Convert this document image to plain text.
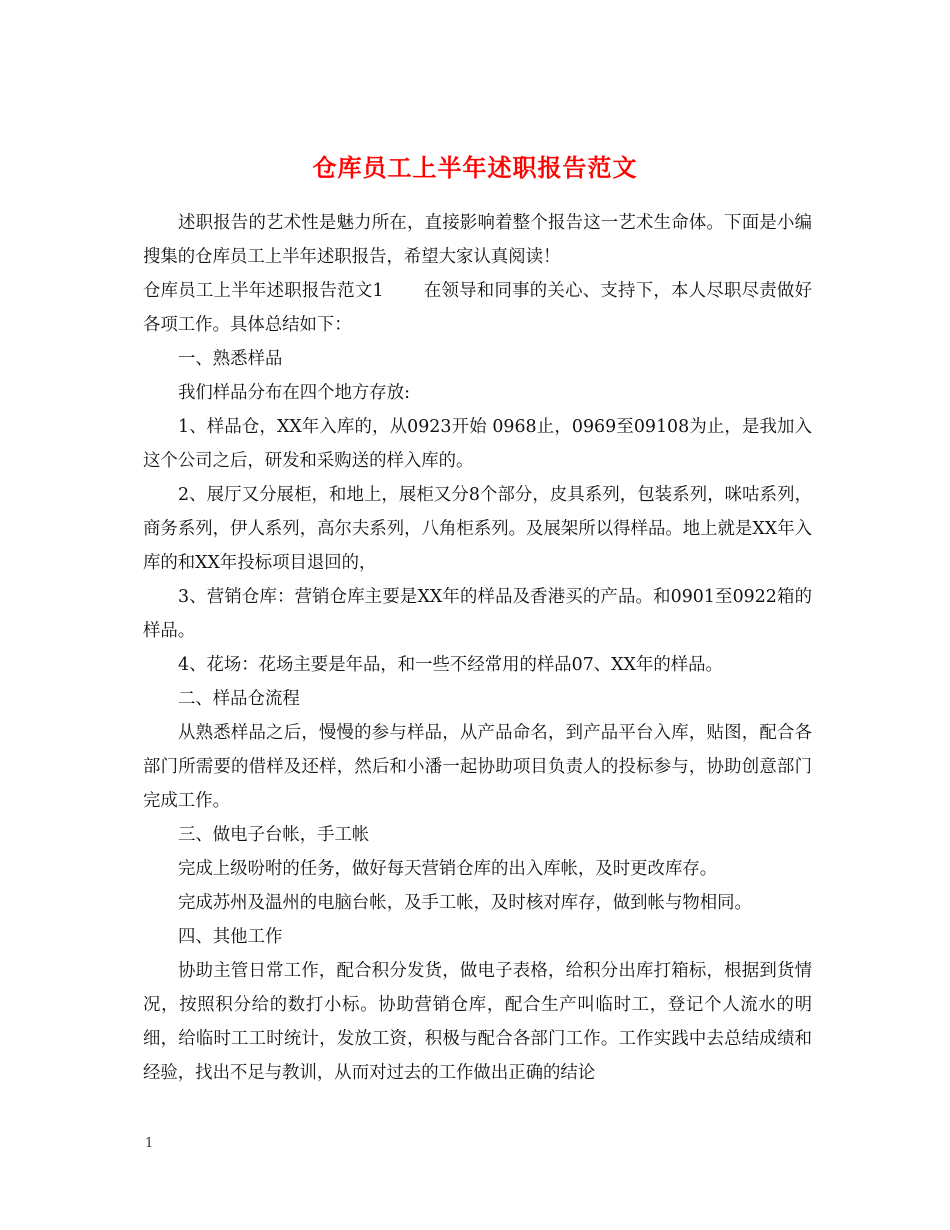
仓库员工上半年述职报告范文

述职报告的艺术性是魅力所在，直接影响着整个报告这一艺术生命体。下面是小编搜集的仓库员工上半年述职报告，希望大家认真阅读！

仓库员工上半年述职报告范文1 在领导和同事的关心、支持下，本人尽职尽责做好各项工作。具体总结如下：

一、熟悉样品

我们样品分布在四个地方存放:

1、样品仓，XX年入库的，从0923开始 0968止，0969至09108为止，是我加入这个公司之后，研发和采购送的样入库的。

2、展厅又分展柜，和地上，展柜又分8个部分，皮具系列，包装系列，咪咕系列，商务系列，伊人系列，高尔夫系列，八角柜系列。及展架所以得样品。地上就是XX年入库的和XX年投标项目退回的，

3、营销仓库：营销仓库主要是XX年的样品及香港买的产品。和0901至0922箱的样品。

4、花场：花场主要是年品，和一些不经常用的样品07、XX年的样品。

二、样品仓流程

从熟悉样品之后，慢慢的参与样品，从产品命名，到产品平台入库，贴图，配合各部门所需要的借样及还样，然后和小潘一起协助项目负责人的投标参与，协助创意部门完成工作。

三、做电子台帐，手工帐

完成上级吩咐的任务，做好每天营销仓库的出入库帐，及时更改库存。

完成苏州及温州的电脑台帐，及手工帐，及时核对库存，做到帐与物相同。

四、其他工作

协助主管日常工作，配合积分发货，做电子表格，给积分出库打箱标，根据到货情况，按照积分给的数打小标。协助营销仓库，配合生产叫临时工，登记个人流水的明细，给临时工工时统计，发放工资，积极与配合各部门工作。工作实践中去总结成绩和经验，找出不足与教训，从而对过去的工作做出正确的结论

1
